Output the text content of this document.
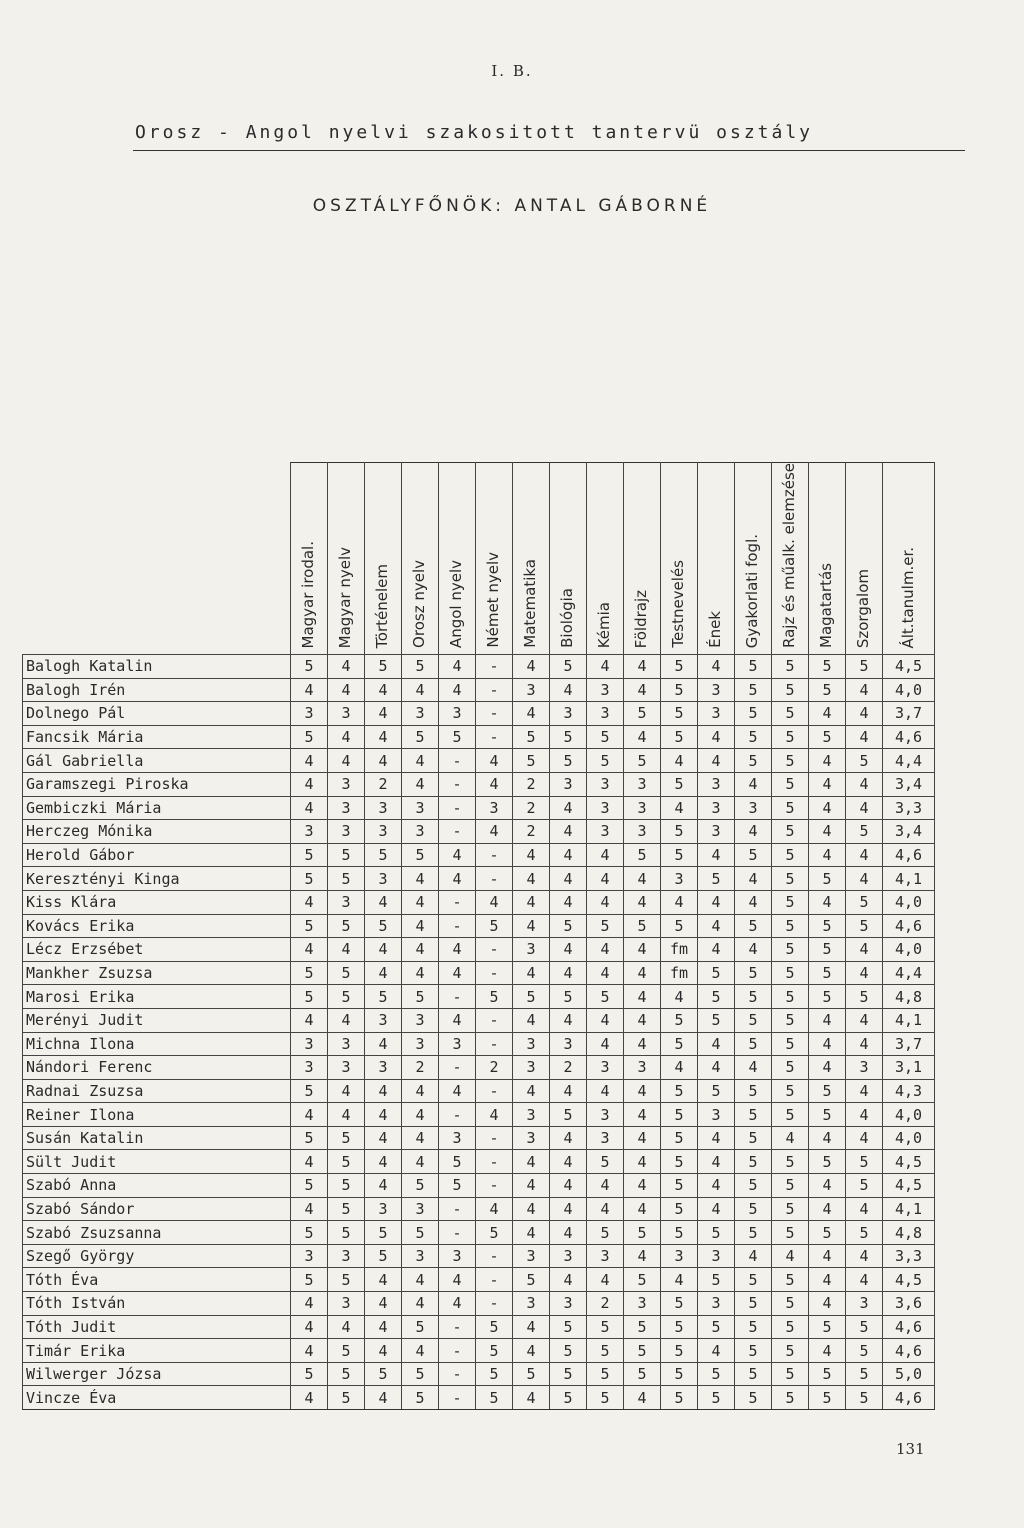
I. B.
Orosz - Angol nyelvi szakositott tantervü osztály
OSZTÁLYFŐNÖK: ANTAL GÁBORNÉ

	Magyar irodal.	Magyar nyelv	Történelem	Orosz nyelv	Angol nyelv	Német nyelv	Matematika	Biológia	Kémia	Földrajz	Testnevelés	Ének	Gyakorlati fogl.	Rajz és műalk. elemzése	Magatartás	Szorgalom	Ált.tanulm.er.

Balogh Katalin	5	4	5	5	4	-	4	5	4	4	5	4	5	5	5	5	4,5
Balogh Irén	4	4	4	4	4	-	3	4	3	4	5	3	5	5	5	4	4,0
Dolnego Pál	3	3	4	3	3	-	4	3	3	5	5	3	5	5	4	4	3,7
Fancsik Mária	5	4	4	5	5	-	5	5	5	4	5	4	5	5	5	4	4,6
Gál Gabriella	4	4	4	4	-	4	5	5	5	5	4	4	5	5	4	5	4,4
Garamszegi Piroska	4	3	2	4	-	4	2	3	3	3	5	3	4	5	4	4	3,4
Gembiczki Mária	4	3	3	3	-	3	2	4	3	3	4	3	3	5	4	4	3,3
Herczeg Mónika	3	3	3	3	-	4	2	4	3	3	5	3	4	5	4	5	3,4
Herold Gábor	5	5	5	5	4	-	4	4	4	5	5	4	5	5	4	4	4,6
Keresztényi Kinga	5	5	3	4	4	-	4	4	4	4	3	5	4	5	5	4	4,1
Kiss Klára	4	3	4	4	-	4	4	4	4	4	4	4	4	5	4	5	4,0
Kovács Erika	5	5	5	4	-	5	4	5	5	5	5	4	5	5	5	5	4,6
Lécz Erzsébet	4	4	4	4	4	-	3	4	4	4	fm	4	4	5	5	4	4,0
Mankher Zsuzsa	5	5	4	4	4	-	4	4	4	4	fm	5	5	5	5	4	4,4
Marosi Erika	5	5	5	5	-	5	5	5	5	4	4	5	5	5	5	5	4,8
Merényi Judit	4	4	3	3	4	-	4	4	4	4	5	5	5	5	4	4	4,1
Michna Ilona	3	3	4	3	3	-	3	3	4	4	5	4	5	5	4	4	3,7
Nándori Ferenc	3	3	3	2	-	2	3	2	3	3	4	4	4	5	4	3	3,1
Radnai Zsuzsa	5	4	4	4	4	-	4	4	4	4	5	5	5	5	5	4	4,3
Reiner Ilona	4	4	4	4	-	4	3	5	3	4	5	3	5	5	5	4	4,0
Susán Katalin	5	5	4	4	3	-	3	4	3	4	5	4	5	4	4	4	4,0
Sült Judit	4	5	4	4	5	-	4	4	5	4	5	4	5	5	5	5	4,5
Szabó Anna	5	5	4	5	5	-	4	4	4	4	5	4	5	5	4	5	4,5
Szabó Sándor	4	5	3	3	-	4	4	4	4	4	5	4	5	5	4	4	4,1
Szabó Zsuzsanna	5	5	5	5	-	5	4	4	5	5	5	5	5	5	5	5	4,8
Szegő György	3	3	5	3	3	-	3	3	3	4	3	3	4	4	4	4	3,3
Tóth Éva	5	5	4	4	4	-	5	4	4	5	4	5	5	5	4	4	4,5
Tóth István	4	3	4	4	4	-	3	3	2	3	5	3	5	5	4	3	3,6
Tóth Judit	4	4	4	5	-	5	4	5	5	5	5	5	5	5	5	5	4,6
Timár Erika	4	5	4	4	-	5	4	5	5	5	5	4	5	5	4	5	4,6
Wilwerger Józsa	5	5	5	5	-	5	5	5	5	5	5	5	5	5	5	5	5,0
Vincze Éva	4	5	4	5	-	5	4	5	5	4	5	5	5	5	5	5	4,6
131
